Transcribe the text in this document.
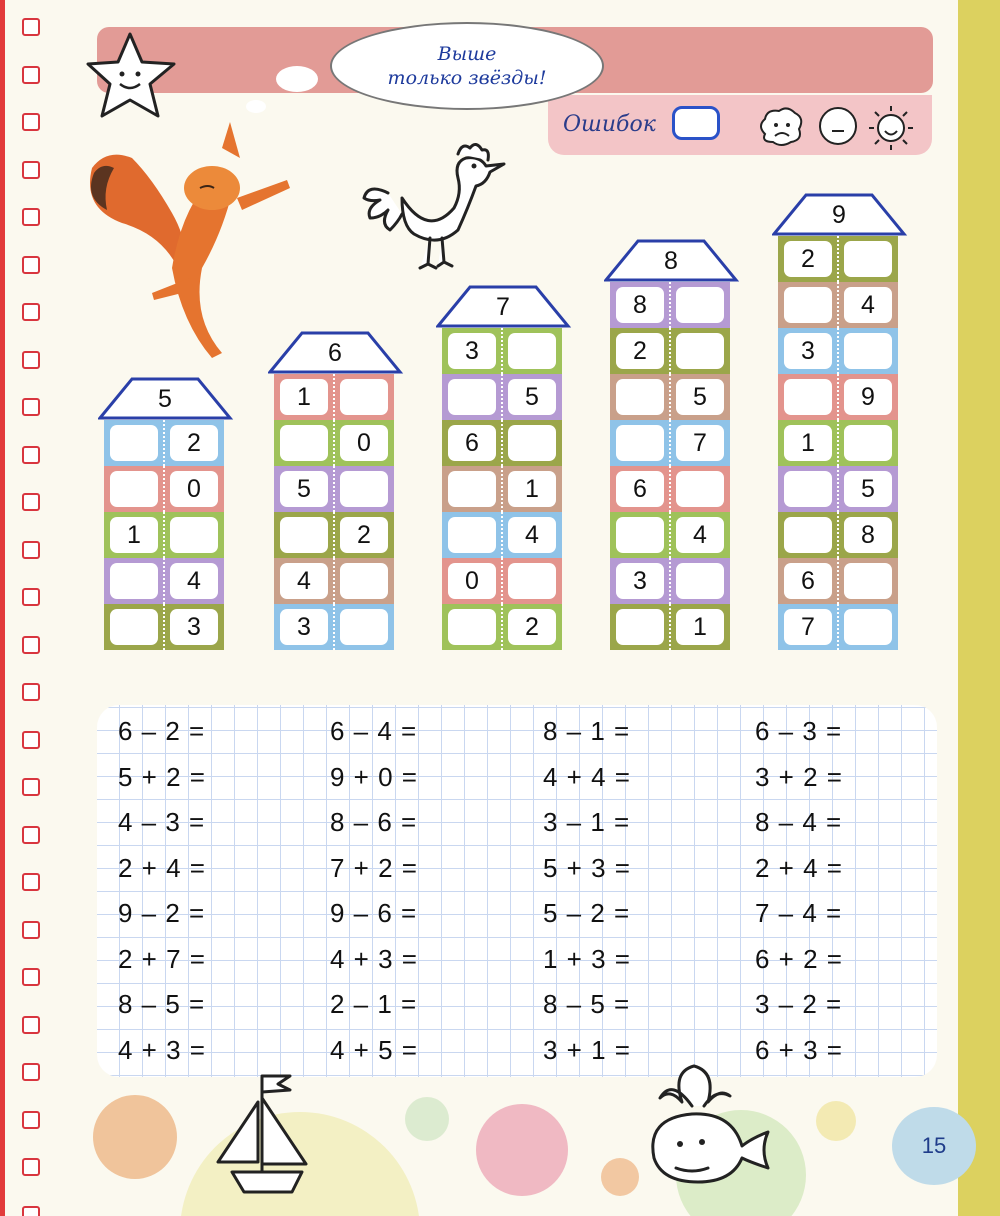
Ошибок
Выше
только звёзды!
5
2
0
1
4
3
6
1
0
5
2
4
3
7
3
5
6
1
4
0
2
8
8
2
5
7
6
4
3
1
9
2
4
3
9
1
5
8
6
7
6 – 2 =
5 + 2 =
4 – 3 =
2 + 4 =
9 – 2 =
2 + 7 =
8 – 5 =
4 + 3 =
6 – 4 =
9 + 0 =
8 – 6 =
7 + 2 =
9 – 6 =
4 + 3 =
2 – 1 =
4 + 5 =
8 – 1 =
4 + 4 =
3 – 1 =
5 + 3 =
5 – 2 =
1 + 3 =
8 – 5 =
3 + 1 =
6 – 3 =
3 + 2 =
8 – 4 =
2 + 4 =
7 – 4 =
6 + 2 =
3 – 2 =
6 + 3 =
15
